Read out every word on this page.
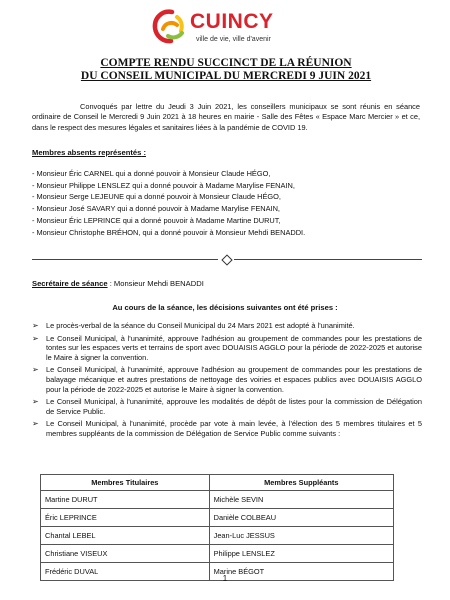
CUINCY
ville de vie, ville d'avenir
COMPTE RENDU SUCCINCT DE LA RÉUNION
DU CONSEIL MUNICIPAL DU MERCREDI 9 JUIN 2021
Convoqués par lettre du Jeudi 3 Juin 2021, les conseillers municipaux se sont réunis en séance ordinaire de Conseil le Mercredi 9 Juin 2021 à 18 heures en mairie - Salle des Fêtes « Espace Marc Mercier » et ce, dans le respect des mesures légales et sanitaires liées à la pandémie de COVID 19.
Membres absents représentés :
- Monsieur Éric CARNEL qui a donné pouvoir à Monsieur Claude HÉGO,
- Monsieur Philippe LENSLEZ qui a donné pouvoir à Madame Marylise FENAIN,
- Monsieur Serge LEJEUNE qui a donné pouvoir à Monsieur Claude HÉGO,
- Monsieur José SAVARY qui a donné pouvoir à Madame Marylise FENAIN,
- Monsieur Éric LEPRINCE qui a donné pouvoir à Madame Martine DURUT,
- Monsieur Christophe BRÉHON, qui a donné pouvoir à Monsieur Mehdi BENADDI.
Secrétaire de séance : Monsieur Mehdi BENADDI
Au cours de la séance, les décisions suivantes ont été prises :
➢ Le procès-verbal de la séance du Conseil Municipal du 24 Mars 2021 est adopté à l'unanimité.
➢ Le Conseil Municipal, à l'unanimité, approuve l'adhésion au groupement de commandes pour les prestations de tontes sur les espaces verts et terrains de sport avec DOUAISIS AGGLO pour la période de 2022-2025 et autorise le Maire à signer la convention.
➢ Le Conseil Municipal, à l'unanimité, approuve l'adhésion au groupement de commandes pour les prestations de balayage mécanique et autres prestations de nettoyage des voiries et espaces publics avec DOUAISIS AGGLO pour la période de 2022-2025 et autorise le Maire à signer la convention.
➢ Le Conseil Municipal, à l'unanimité, approuve les modalités de dépôt de listes pour la commission de Délégation de Service Public.
➢ Le Conseil Municipal, à l'unanimité, procède par vote à main levée, à l'élection des 5 membres titulaires et 5 membres suppléants de la commission de Délégation de Service Public comme suivants :
Membres Titulaires	Membres Suppléants
Martine DURUT	Michèle SEVIN
Éric LEPRINCE	Danièle COLBEAU
Chantal LEBEL	Jean-Luc JESSUS
Christiane VISEUX	Philippe LENSLEZ
Frédéric DUVAL	Marine BÉGOT
1
